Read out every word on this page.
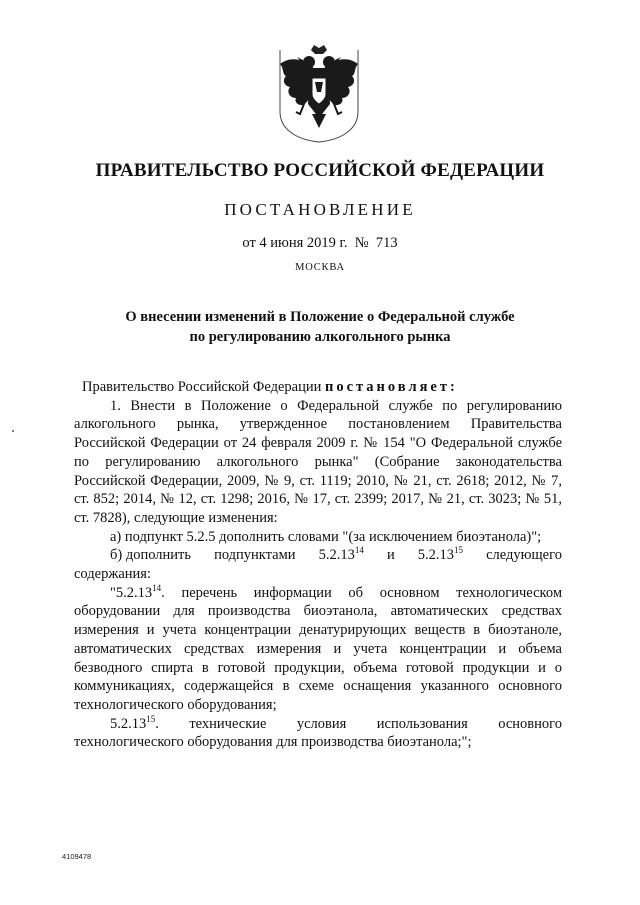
ПРАВИТЕЛЬСТВО РОССИЙСКОЙ ФЕДЕРАЦИИ
ПОСТАНОВЛЕНИЕ
от 4 июня 2019 г.  №  713
МОСКВА
О внесении изменений в Положение о Федеральной службе
по регулированию алкогольного рынка

Правительство Российской Федерации постановляет:

1. Внести в Положение о Федеральной службе по регулированию алкогольного рынка, утвержденное постановлением Правительства Российской Федерации от 24 февраля 2009 г. № 154 "О Федеральной службе по регулированию алкогольного рынка" (Собрание законодательства Российской Федерации, 2009, № 9, ст. 1119; 2010, № 21, ст. 2618; 2012, № 7, ст. 852; 2014, № 12, ст. 1298; 2016, № 17, ст. 2399; 2017, № 21, ст. 3023; № 51, ст. 7828), следующие изменения:

а) подпункт 5.2.5 дополнить словами "(за исключением биоэтанола)";

б) дополнить подпунктами 5.2.13$^{14}$ и 5.2.13$^{15}$ следующего

содержания:

"5.2.13$^{14}$. перечень информации об основном технологическом оборудовании для производства биоэтанола, автоматических средствах измерения и учета концентрации денатурирующих веществ в биоэтаноле, автоматических средствах измерения и учета концентрации и объема безводного спирта в готовой продукции, объема готовой продукции и о коммуникациях, содержащейся в схеме оснащения указанного основного технологического оборудования;

5.2.13$^{15}$. технические условия использования основного технологического оборудования для производства биоэтанола;";

4109478
